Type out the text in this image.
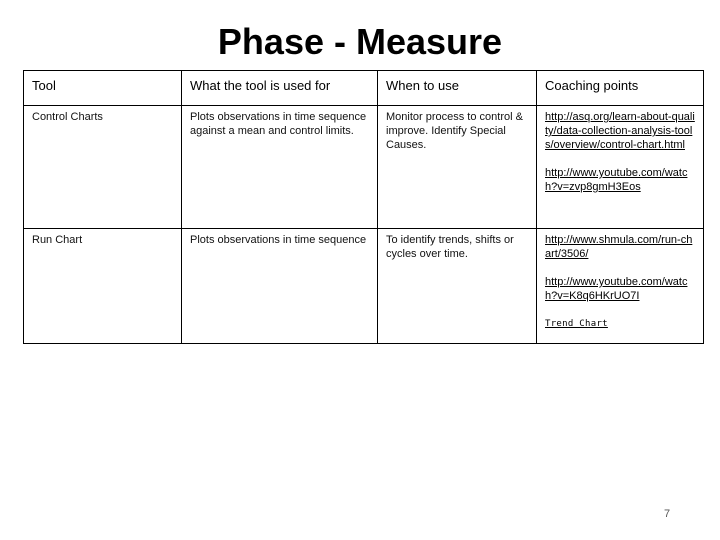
Phase - Measure
Tool	What the tool is used for	When to use	Coaching points
Control Charts	Plots observations in time sequence against a mean and control limits.	Monitor process to control & improve. Identify Special Causes.	http://asq.org/learn-about-quality/data-collection-analysis-tools/overview/control-chart.html
http://www.youtube.com/watch?v=zvp8gmH3Eos

Run Chart	Plots observations in time sequence	To identify trends, shifts or cycles over time.	http://www.shmula.com/run-chart/3506/
http://www.youtube.com/watch?v=K8q6HKrUO7I
Trend Chart
7
